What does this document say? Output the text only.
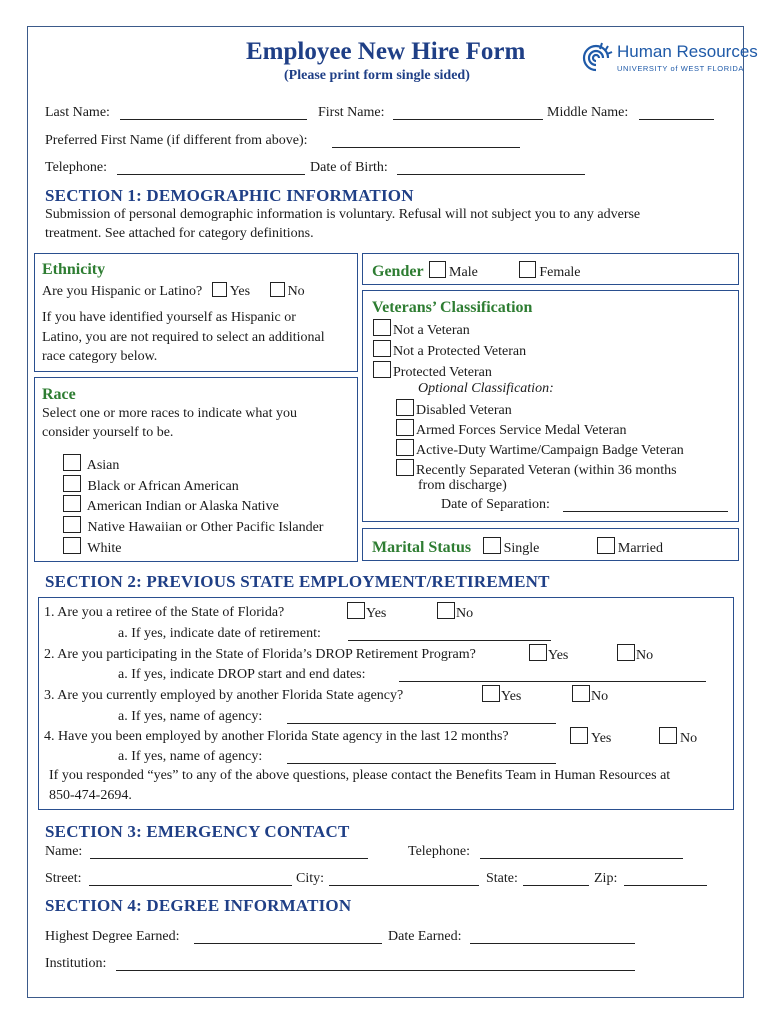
Employee New Hire Form
(Please print form single sided)
Human Resources
UNIVERSITY of WEST FLORIDA
Last Name:	First Name:	Middle Name:
Preferred First Name (if different from above):
Telephone:	Date of Birth:
SECTION 1: DEMOGRAPHIC INFORMATION
Submission of personal demographic information is voluntary. Refusal will not subject you to any adverse
treatment. See attached for category definitions.
Ethnicity
Are you Hispanic or Latino? Yes	No
If you have identified yourself as Hispanic or
Latino, you are not required to select an additional
race category below.
Race
Select one or more races to indicate what you
consider yourself to be.
Asian
Black or African American
American Indian or Alaska Native
Native Hawaiian or Other Pacific Islander
White
Gender Male	Female
Veterans’ Classification
Not a Veteran
Not a Protected Veteran
Protected Veteran
Optional Classification:
Disabled Veteran
Armed Forces Service Medal Veteran
Active-Duty Wartime/Campaign Badge Veteran
Recently Separated Veteran (within 36 months
from discharge)
Date of Separation:
Marital Status Single	Married
SECTION 2: PREVIOUS STATE EMPLOYMENT/RETIREMENT
1. Are you a retiree of the State of Florida?	Yes	No
a. If yes, indicate date of retirement:
2. Are you participating in the State of Florida’s DROP Retirement Program?	Yes	No
a. If yes, indicate DROP start and end dates:
3. Are you currently employed by another Florida State agency?	Yes	No
a. If yes, name of agency:
4. Have you been employed by another Florida State agency in the last 12 months?	Yes	No
a. If yes, name of agency:
If you responded “yes” to any of the above questions, please contact the Benefits Team in Human Resources at
850-474-2694.
SECTION 3: EMERGENCY CONTACT
Name:	Telephone:
Street:	City:	State:	Zip:
SECTION 4: DEGREE INFORMATION
Highest Degree Earned:	Date Earned:
Institution:
